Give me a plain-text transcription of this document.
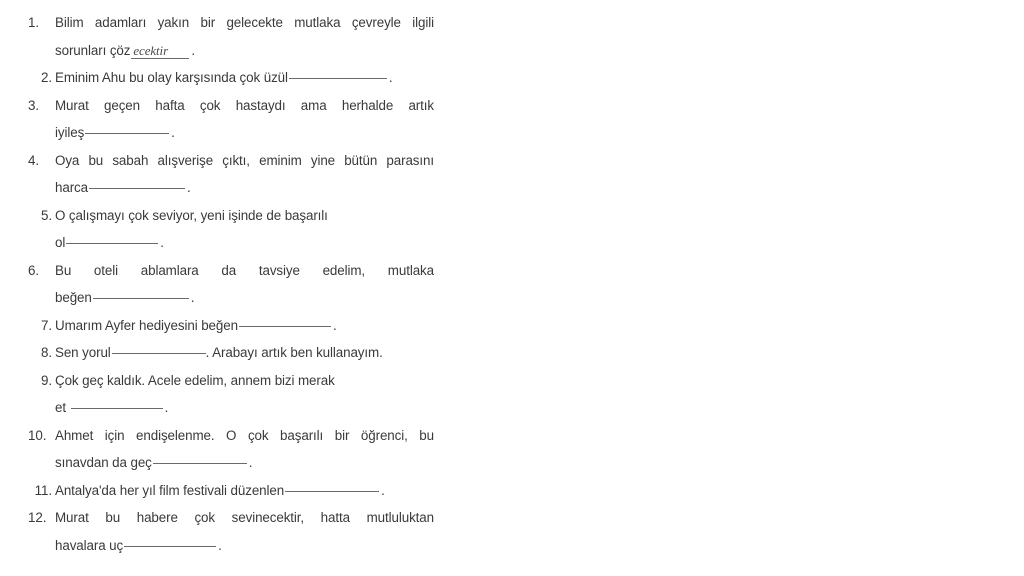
1.	Bilim adamları yakın bir gelecekte mutlaka çevreyle ilgili
sorunları çöz ecektir .
2. Eminim Ahu bu olay karşısında çok üzül	.
3.	Murat geçen hafta çok hastaydı ama herhalde artık
iyileş	.
4.	Oya bu sabah alışverişe çıktı, eminim yine bütün parasını
harca	.
5. O çalışmayı çok seviyor, yeni işinde de başarılı
ol	.
6.	Bu oteli ablamlara da tavsiye edelim, mutlaka
beğen	.
7. Umarım Ayfer hediyesini beğen	.
8. Sen yorul	. Arabayı artık ben kullanayım.
9. Çok geç kaldık. Acele edelim, annem bizi merak
et	.
10. Ahmet için endişelenme. O çok başarılı bir öğrenci, bu
sınavdan da geç	.
11. Antalya'da her yıl film festivali düzenlen	.
12. Murat bu habere çok sevinecektir, hatta mutluluktan
havalara uç	.
